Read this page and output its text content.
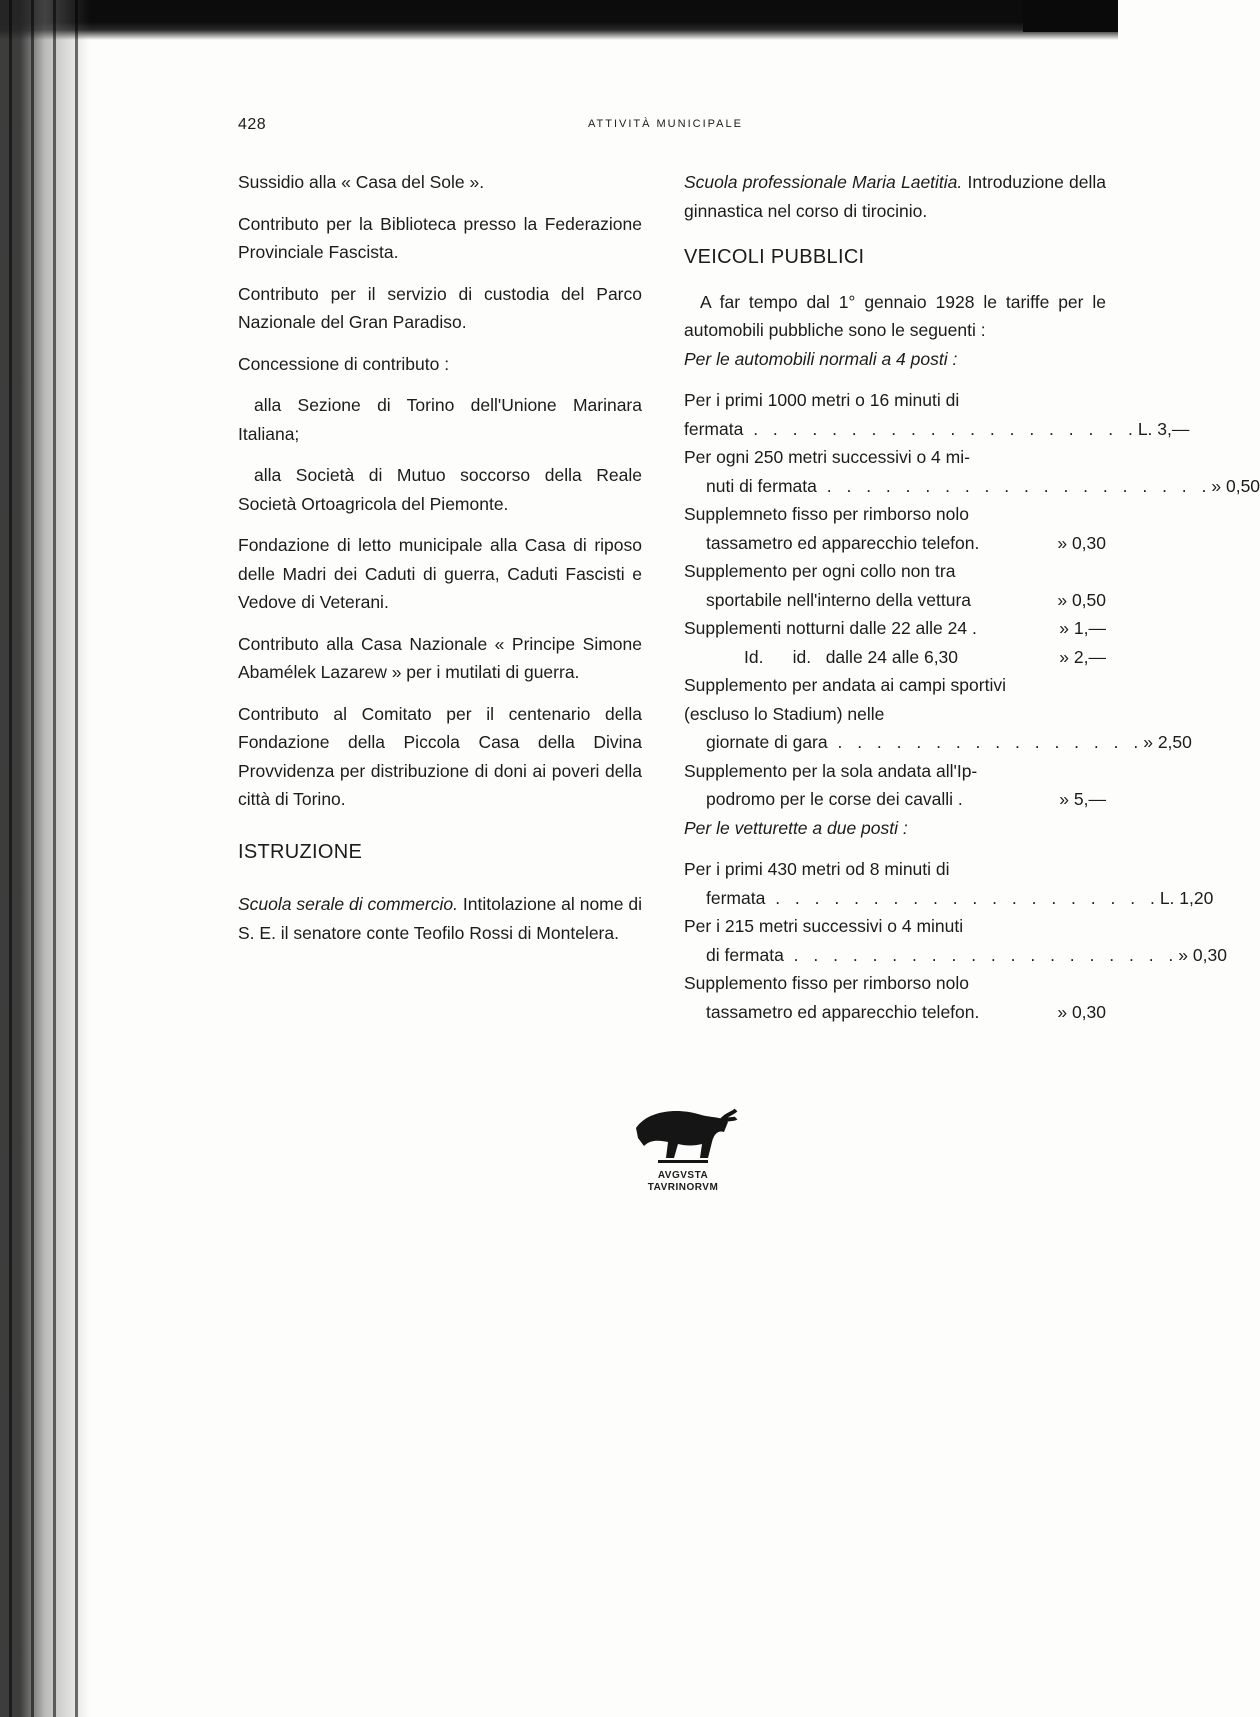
428	ATTIVITÀ MUNICIPALE

Sussidio alla « Casa del Sole ».

Contributo per la Biblioteca presso la Federazione Provinciale Fascista.

Contributo per il servizio di custodia del Parco Nazionale del Gran Paradiso.

Concessione di contributo :

alla Sezione di Torino dell'Unione Marinara Italiana;

alla Società di Mutuo soccorso della Reale Società Ortoagricola del Piemonte.

Fondazione di letto municipale alla Casa di riposo delle Madri dei Caduti di guerra, Caduti Fascisti e Vedove di Veterani.

Contributo alla Casa Nazionale « Principe Simone Abamélek Lazarew » per i mutilati di guerra.

Contributo al Comitato per il centenario della Fondazione della Piccola Casa della Divina Provvidenza per distribuzione di doni ai poveri della città di Torino.

ISTRUZIONE

Scuola serale di commercio. Intitolazione al nome di S. E. il senatore conte Teofilo Rossi di Montelera.

Scuola professionale Maria Laetitia. Introduzione della ginnastica nel corso di tirocinio.

VEICOLI PUBBLICI

A far tempo dal 1° gennaio 1928 le tariffe per le automobili pubbliche sono le seguenti :

Per le automobili normali a 4 posti :

Per i primi 1000 metri o 16 minuti di
fermata . . . . . . . . . . . . . . . . . . . . L. 3,—
Per ogni 250 metri successivi o 4 mi-
nuti di fermata . . . . . . . . . . . . . . . . . . . . » 0,50
Supplemneto fisso per rimborso nolo
tassametro ed apparecchio telefon.	» 0,30
Supplemento per ogni collo non tra
sportabile nell'interno della vettura	» 0,50
Supplementi notturni dalle 22 alle 24 .	» 1,—
Id.      id.   dalle 24 alle 6,30	» 2,—
Supplemento per andata ai campi sportivi (escluso lo Stadium) nelle
giornate di gara . . . . . . . . . . . . . . . . » 2,50
Supplemento per la sola andata all'Ip-
podromo per le corse dei cavalli .	» 5,—

Per le vetturette a due posti :

Per i primi 430 metri od 8 minuti di
fermata . . . . . . . . . . . . . . . . . . . . L. 1,20
Per i 215 metri successivi o 4 minuti
di fermata . . . . . . . . . . . . . . . . . . . . » 0,30
Supplemento fisso per rimborso nolo
tassametro ed apparecchio telefon.	» 0,30
AVGVSTA
TAVRINORVM
